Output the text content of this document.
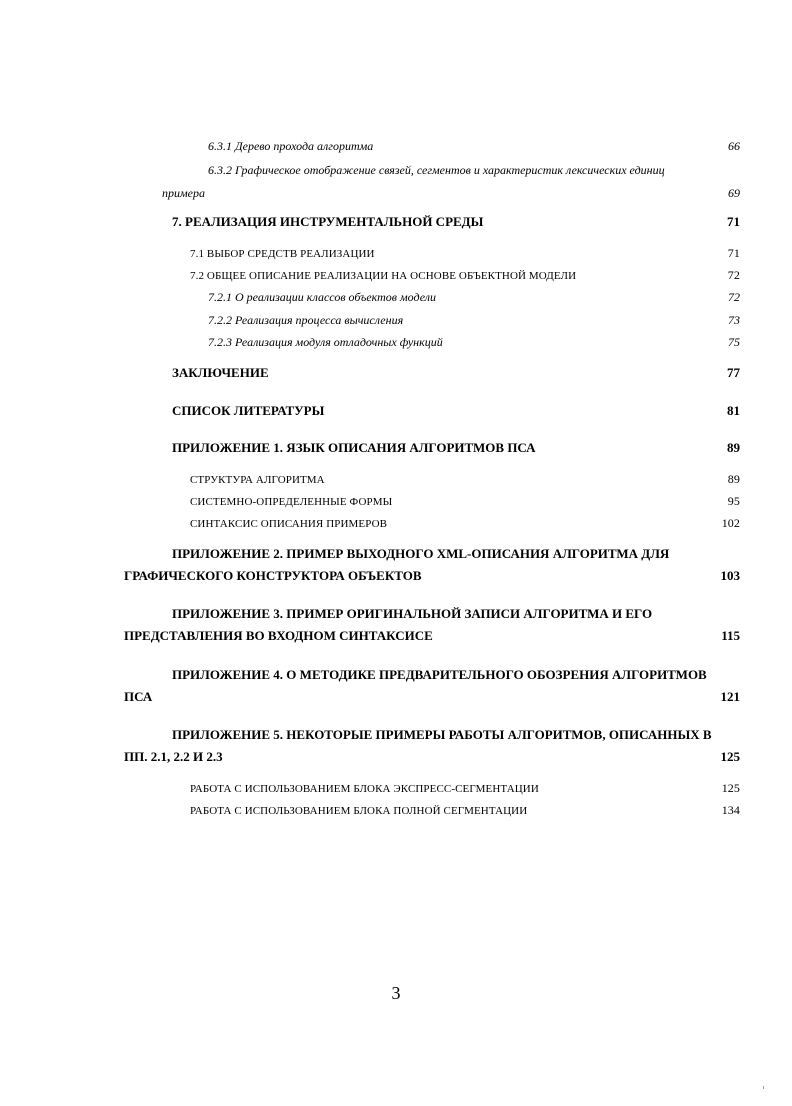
6.3.1 Дерево прохода алгоритма	66
6.3.2 Графическое отображение связей, сегментов и характеристик лексических единиц
примера	69
7. РЕАЛИЗАЦИЯ ИНСТРУМЕНТАЛЬНОЙ СРЕДЫ	71
7.1 ВЫБОР СРЕДСТВ РЕАЛИЗАЦИИ	71
7.2 ОБЩЕЕ ОПИСАНИЕ РЕАЛИЗАЦИИ НА ОСНОВЕ ОБЪЕКТНОЙ МОДЕЛИ	72
7.2.1 О реализации классов объектов модели	72
7.2.2 Реализация процесса вычисления	73
7.2.3 Реализация модуля отладочных функций	75
ЗАКЛЮЧЕНИЕ	77
СПИСОК ЛИТЕРАТУРЫ	81
ПРИЛОЖЕНИЕ 1. ЯЗЫК ОПИСАНИЯ АЛГОРИТМОВ ПСА	89
СТРУКТУРА АЛГОРИТМА	89
СИСТЕМНО-ОПРЕДЕЛЕННЫЕ ФОРМЫ	95
СИНТАКСИС ОПИСАНИЯ ПРИМЕРОВ	102
ПРИЛОЖЕНИЕ 2. ПРИМЕР ВЫХОДНОГО XML-ОПИСАНИЯ АЛГОРИТМА ДЛЯ
ГРАФИЧЕСКОГО КОНСТРУКТОРА ОБЪЕКТОВ	103
ПРИЛОЖЕНИЕ 3. ПРИМЕР ОРИГИНАЛЬНОЙ ЗАПИСИ АЛГОРИТМА И ЕГО
ПРЕДСТАВЛЕНИЯ ВО ВХОДНОМ СИНТАКСИСЕ	115
ПРИЛОЖЕНИЕ 4. О МЕТОДИКЕ ПРЕДВАРИТЕЛЬНОГО ОБОЗРЕНИЯ АЛГОРИТМОВ
ПСА	121
ПРИЛОЖЕНИЕ 5. НЕКОТОРЫЕ ПРИМЕРЫ РАБОТЫ АЛГОРИТМОВ, ОПИСАННЫХ В
ПП. 2.1, 2.2 И 2.3	125
РАБОТА С ИСПОЛЬЗОВАНИЕМ БЛОКА ЭКСПРЕСС-СЕГМЕНТАЦИИ	125
РАБОТА С ИСПОЛЬЗОВАНИЕМ БЛОКА ПОЛНОЙ СЕГМЕНТАЦИИ	134
3
